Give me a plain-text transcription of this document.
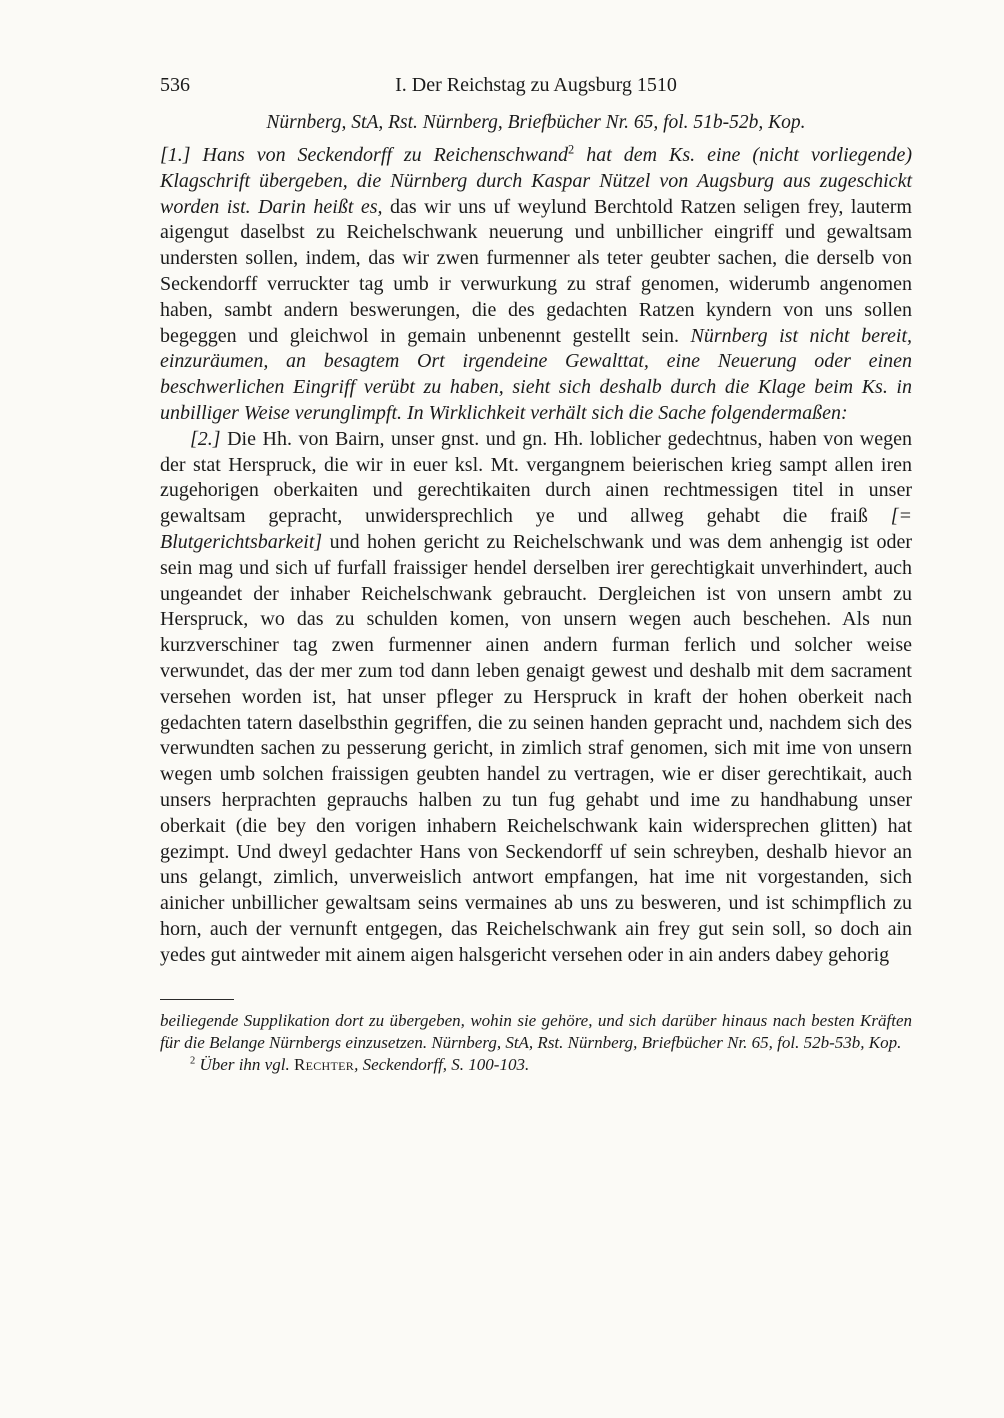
536	I. Der Reichstag zu Augsburg 1510

Nürnberg, StA, Rst. Nürnberg, Briefbücher Nr. 65, fol. 51b-52b, Kop.

[1.] Hans von Seckendorff zu Reichenschwand$^2$ hat dem Ks. eine (nicht vorliegende) Klagschrift übergeben, die Nürnberg durch Kaspar Nützel von Augsburg aus zugeschickt worden ist. Darin heißt es, das wir uns uf weylund Berchtold Ratzen seligen frey, lauterm aigengut daselbst zu Reichelschwank neuerung und unbillicher eingriff und gewaltsam understen sollen, indem, das wir zwen furmenner als teter geubter sachen, die derselb von Seckendorff verruckter tag umb ir verwurkung zu straf genomen, widerumb angenomen haben, sambt andern beswerungen, die des gedachten Ratzen kyndern von uns sollen begeggen und gleichwol in gemain unbenennt gestellt sein. Nürnberg ist nicht bereit, einzuräumen, an besagtem Ort irgendeine Gewalttat, eine Neuerung oder einen beschwerlichen Eingriff verübt zu haben, sieht sich deshalb durch die Klage beim Ks. in unbilliger Weise verunglimpft. In Wirklichkeit verhält sich die Sache folgendermaßen:

[2.] Die Hh. von Bairn, unser gnst. und gn. Hh. loblicher gedechtnus, haben von wegen der stat Herspruck, die wir in euer ksl. Mt. vergangnem beierischen krieg sampt allen iren zugehorigen oberkaiten und gerechtikaiten durch ainen rechtmessigen titel in unser gewaltsam gepracht, unwidersprechlich ye und allweg gehabt die fraiß [= Blutgerichtsbarkeit] und hohen gericht zu Reichelschwank und was dem anhengig ist oder sein mag und sich uf furfall fraissiger hendel derselben irer gerechtigkait unverhindert, auch ungeandet der inhaber Reichelschwank gebraucht. Dergleichen ist von unsern ambt zu Herspruck, wo das zu schulden komen, von unsern wegen auch beschehen. Als nun kurzverschiner tag zwen furmenner ainen andern furman ferlich und solcher weise verwundet, das der mer zum tod dann leben genaigt gewest und deshalb mit dem sacrament versehen worden ist, hat unser pfleger zu Herspruck in kraft der hohen oberkeit nach gedachten tatern daselbsthin gegriffen, die zu seinen handen gepracht und, nachdem sich des verwundten sachen zu pesserung gericht, in zimlich straf genomen, sich mit ime von unsern wegen umb solchen fraissigen geubten handel zu vertragen, wie er diser gerechtikait, auch unsers herprachten geprauchs halben zu tun fug gehabt und ime zu handhabung unser oberkait (die bey den vorigen inhabern Reichelschwank kain widersprechen glitten) hat gezimpt. Und dweyl gedachter Hans von Seckendorff uf sein schreyben, deshalb hievor an uns gelangt, zimlich, unverweislich antwort empfangen, hat ime nit vorgestanden, sich ainicher unbillicher gewaltsam seins vermaines ab uns zu besweren, und ist schimpflich zu horn, auch der vernunft entgegen, das Reichelschwank ain frey gut sein soll, so doch ain yedes gut aintweder mit ainem aigen halsgericht versehen oder in ain anders dabey gehorig

beiliegende Supplikation dort zu übergeben, wohin sie gehöre, und sich darüber hinaus nach besten Kräften für die Belange Nürnbergs einzusetzen. Nürnberg, StA, Rst. Nürnberg, Briefbücher Nr. 65, fol. 52b-53b, Kop.

$^2$ Über ihn vgl. Rechter, Seckendorff, S. 100-103.
